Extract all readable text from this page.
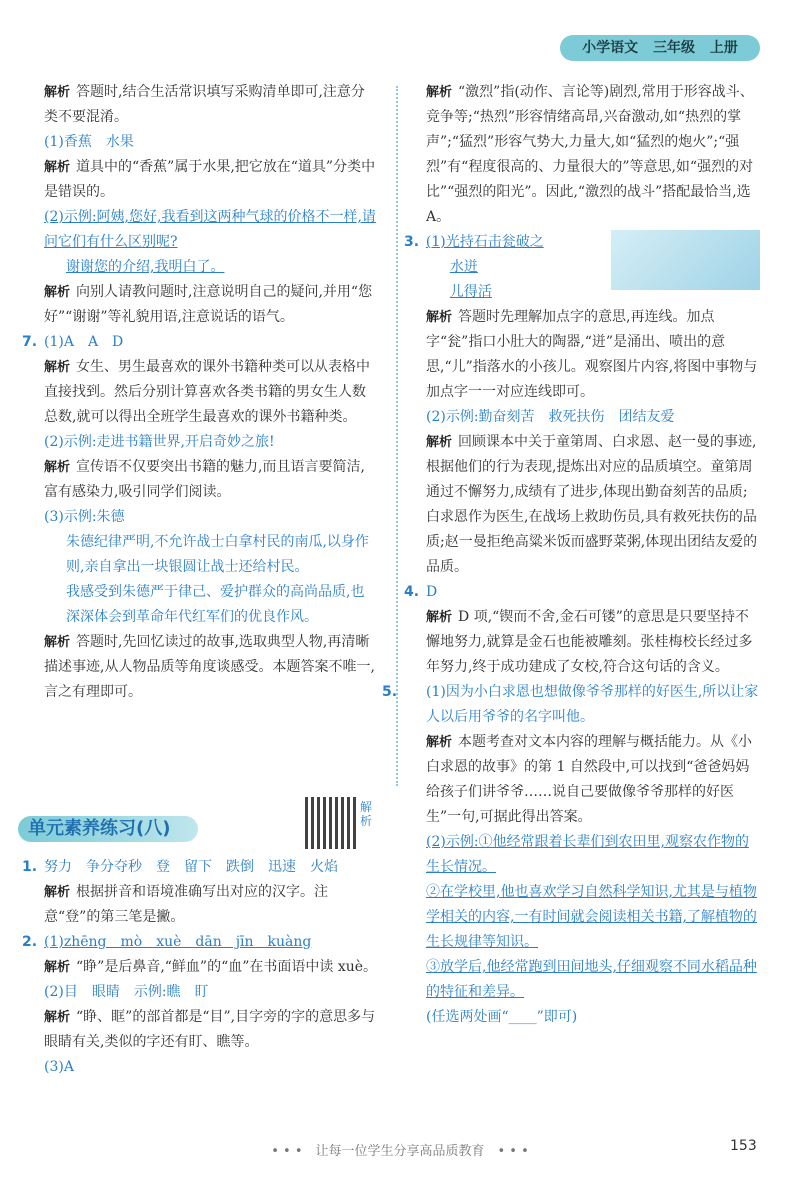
小学语文 三年级 上册

解析 答题时,结合生活常识填写采购清单即可,注意分类不要混淆。

(1)香蕉　水果

解析 道具中的“香蕉”属于水果,把它放在“道具”分类中是错误的。

(2)示例:阿姨,您好,我看到这两种气球的价格不一样,请问它们有什么区别呢?

谢谢您的介绍,我明白了。

解析 向别人请教问题时,注意说明自己的疑问,并用“您好”“谢谢”等礼貌用语,注意说话的语气。

7. (1)A　A　D

解析 女生、男生最喜欢的课外书籍种类可以从表格中直接找到。然后分别计算喜欢各类书籍的男女生人数总数,就可以得出全班学生最喜欢的课外书籍种类。

(2)示例:走进书籍世界,开启奇妙之旅!

解析 宣传语不仅要突出书籍的魅力,而且语言要简洁,富有感染力,吸引同学们阅读。

(3)示例:朱德

朱德纪律严明,不允许战士白拿村民的南瓜,以身作则,亲自拿出一块银圆让战士还给村民。

我感受到朱德严于律己、爱护群众的高尚品质,也深深体会到革命年代红军们的优良作风。

解析 答题时,先回忆读过的故事,选取典型人物,再清晰描述事迹,从人物品质等角度谈感受。本题答案不唯一,言之有理即可。

单元素养练习(八)
解析

1. 努力　争分夺秒　登　留下　跌倒　迅速　火焰

解析 根据拼音和语境准确写出对应的汉字。注意“登”的第三笔是撇。

2. (1)zhēng　mò　xuè　dān　jīn　kuàng

解析 “睁”是后鼻音,“鲜血”的“血”在书面语中读 xuè。

(2)目　眼睛　示例:瞧　盯

解析 “睁、眶”的部首都是“目”,目字旁的字的意思多与眼睛有关,类似的字还有盯、瞧等。

(3)A

解析 “激烈”指(动作、言论等)剧烈,常用于形容战斗、竞争等;“热烈”形容情绪高昂,兴奋激动,如“热烈的掌声”;“猛烈”形容气势大,力量大,如“猛烈的炮火”;“强烈”有“程度很高的、力量很大的”等意思,如“强烈的对比”“强烈的阳光”。因此,“激烈的战斗”搭配最恰当,选 A。

3. (1)光持石击瓮破之

水迸

儿得活

解析 答题时先理解加点字的意思,再连线。加点字“瓮”指口小肚大的陶器,“迸”是涌出、喷出的意思,“儿”指落水的小孩儿。观察图片内容,将图中事物与加点字一一对应连线即可。

(2)示例:勤奋刻苦　救死扶伤　团结友爱

解析 回顾课本中关于童第周、白求恩、赵一曼的事迹,根据他们的行为表现,提炼出对应的品质填空。童第周通过不懈努力,成绩有了进步,体现出勤奋刻苦的品质;白求恩作为医生,在战场上救助伤员,具有救死扶伤的品质;赵一曼拒绝高粱米饭而盛野菜粥,体现出团结友爱的品质。

4. D

解析 D 项,“锲而不舍,金石可镂”的意思是只要坚持不懈地努力,就算是金石也能被雕刻。张桂梅校长经过多年努力,终于成功建成了女校,符合这句话的含义。

5. (1)因为小白求恩也想做像爷爷那样的好医生,所以让家人以后用爷爷的名字叫他。

解析 本题考查对文本内容的理解与概括能力。从《小白求恩的故事》的第 1 自然段中,可以找到“爸爸妈妈给孩子们讲爷爷……说自己要做像爷爷那样的好医生”一句,可据此得出答案。

(2)示例:①他经常跟着长辈们到农田里,观察农作物的生长情况。

②在学校里,他也喜欢学习自然科学知识,尤其是与植物学相关的内容,一有时间就会阅读相关书籍,了解植物的生长规律等知识。

③放学后,他经常跑到田间地头,仔细观察不同水稻品种的特征和差异。

(任选两处画“____”即可)

• • •　让每一位学生分享高品质教育　• • •	153
